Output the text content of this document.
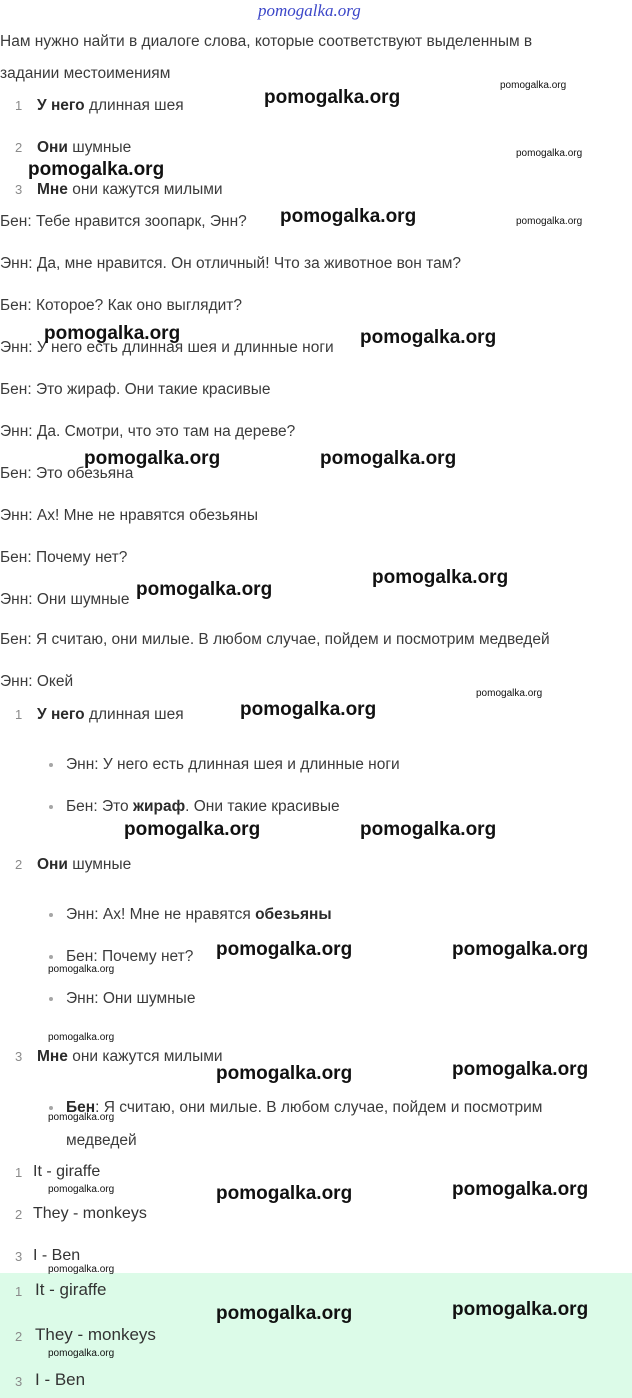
pomogalka.org
Нам нужно найти в диалоге слова, которые соответствуют выделенным в
задании местоимениям
1 У него длинная шея
2 Они шумные
3 Мне они кажутся милыми
Бен: Тебе нравится зоопарк, Энн?
Энн: Да, мне нравится. Он отличный! Что за животное вон там?
Бен: Которое? Как оно выглядит?
Энн: У него есть длинная шея и длинные ноги
Бен: Это жираф. Они такие красивые
Энн: Да. Смотри, что это там на дереве?
Бен: Это обезьяна
Энн: Ах! Мне не нравятся обезьяны
Бен: Почему нет?
Энн: Они шумные
Бен: Я считаю, они милые. В любом случае, пойдем и посмотрим медведей
Энн: Окей
1 У него длинная шея
Энн: У него есть длинная шея и длинные ноги
Бен: Это жираф. Они такие красивые
2 Они шумные
Энн: Ах! Мне не нравятся обезьяны
Бен: Почему нет?
Энн: Они шумные
3 Мне они кажутся милыми
Бен: Я считаю, они милые. В любом случае, пойдем и посмотрим
медведей
1 It - giraffe
2 They - monkeys
3 I - Ben
1 It - giraffe
2 They - monkeys
3 I - Ben
pomogalka.org
pomogalka.org
pomogalka.org
pomogalka.org	pomogalka.org
pomogalka.org	pomogalka.org
pomogalka.org
pomogalka.org
pomogalka.org
pomogalka.org	pomogalka.org
pomogalka.org	pomogalka.org
pomogalka.org	pomogalka.org
pomogalka.org	pomogalka.org
pomogalka.org	pomogalka.org
pomogalka.org
pomogalka.org
pomogalka.org
pomogalka.org
pomogalka.org
pomogalka.org
pomogalka.org
pomogalka.org
pomogalka.org
pomogalka.org
